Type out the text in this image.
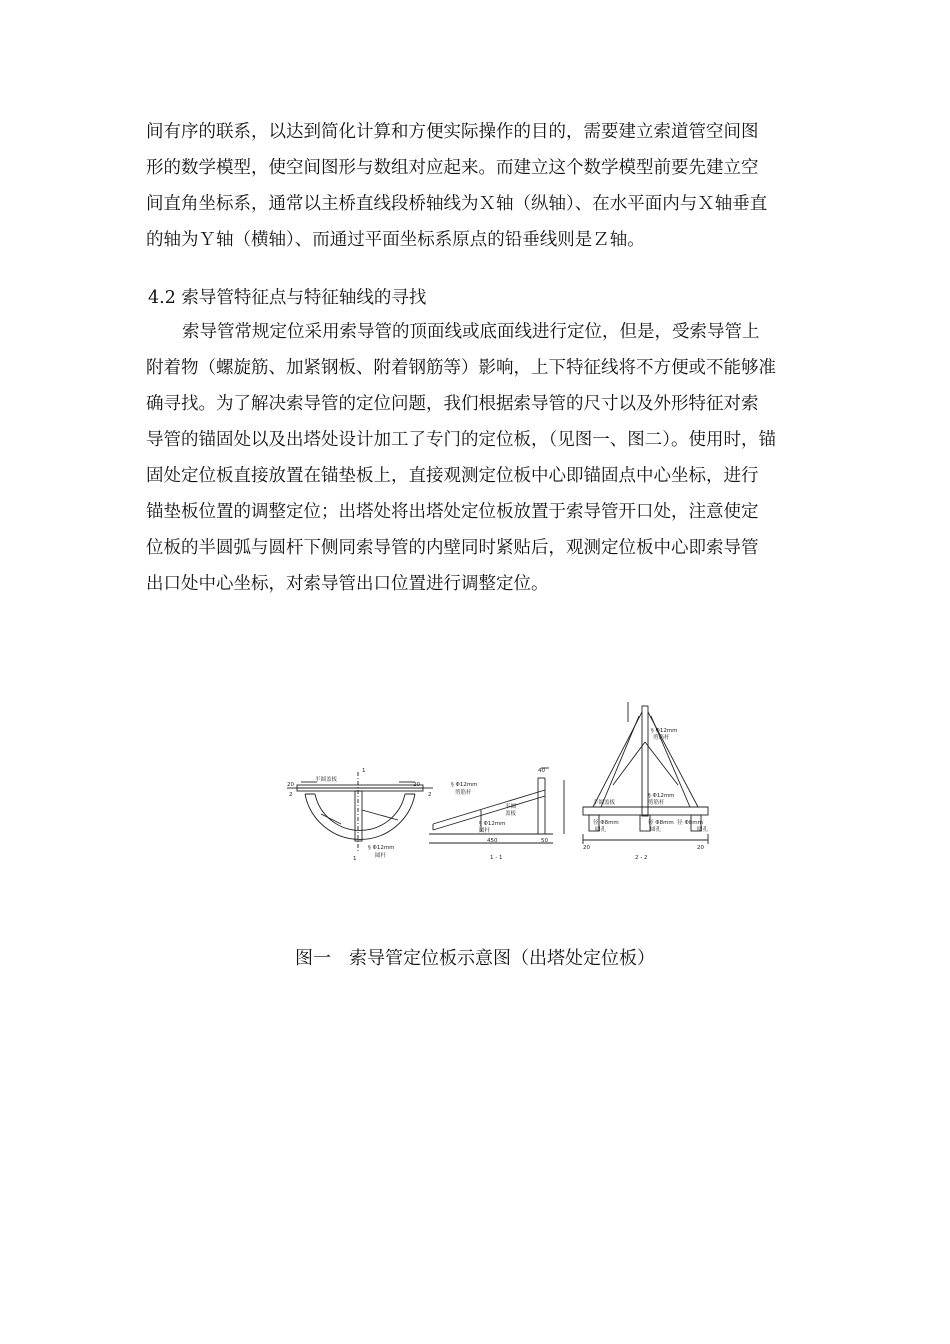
间有序的联系，以达到简化计算和方便实际操作的目的，需要建立索道管空间图
形的数学模型，使空间图形与数组对应起来。而建立这个数学模型前要先建立空
间直角坐标系，通常以主桥直线段桥轴线为Ｘ轴（纵轴）、在水平面内与Ｘ轴垂直
的轴为Ｙ轴（横轴）、而通过平面坐标系原点的铅垂线则是Ｚ轴。

4.2 索导管特征点与特征轴线的寻找

索导管常规定位采用索导管的顶面线或底面线进行定位，但是，受索导管上
附着物（螺旋筋、加紧钢板、附着钢筋等）影响，上下特征线将不方便或不能够准
确寻找。为了解决索导管的定位问题，我们根据索导管的尺寸以及外形特征对索
导管的锚固处以及出塔处设计加工了专门的定位板，（见图一、图二）。使用时，锚
固处定位板直接放置在锚垫板上，直接观测定位板中心即锚固点中心坐标，进行
锚垫板位置的调整定位；出塔处将出塔处定位板放置于索导管开口处，注意使定
位板的半圆弧与圆杆下侧同索导管的内壁同时紧贴后，观测定位板中心即索导管
出口处中心坐标，对索导管出口位置进行调整定位。

半圆盖板
20	20
2	2
1
1
§ Φ12mm
圆杆
§ Φ12mm
剪筋杆
半圆
盖板
§ Φ12mm
圆杆
450	50
40
1 - 1
§ Φ12mm
剪筋杆
半圆盖板
§ Φ12mm
剪筋杆
径 Φ8mm
圆孔
径 Φ8mm
圆孔
径 Φ8mm
圆孔
20	20
2 - 2
图一　索导管定位板示意图（出塔处定位板）
